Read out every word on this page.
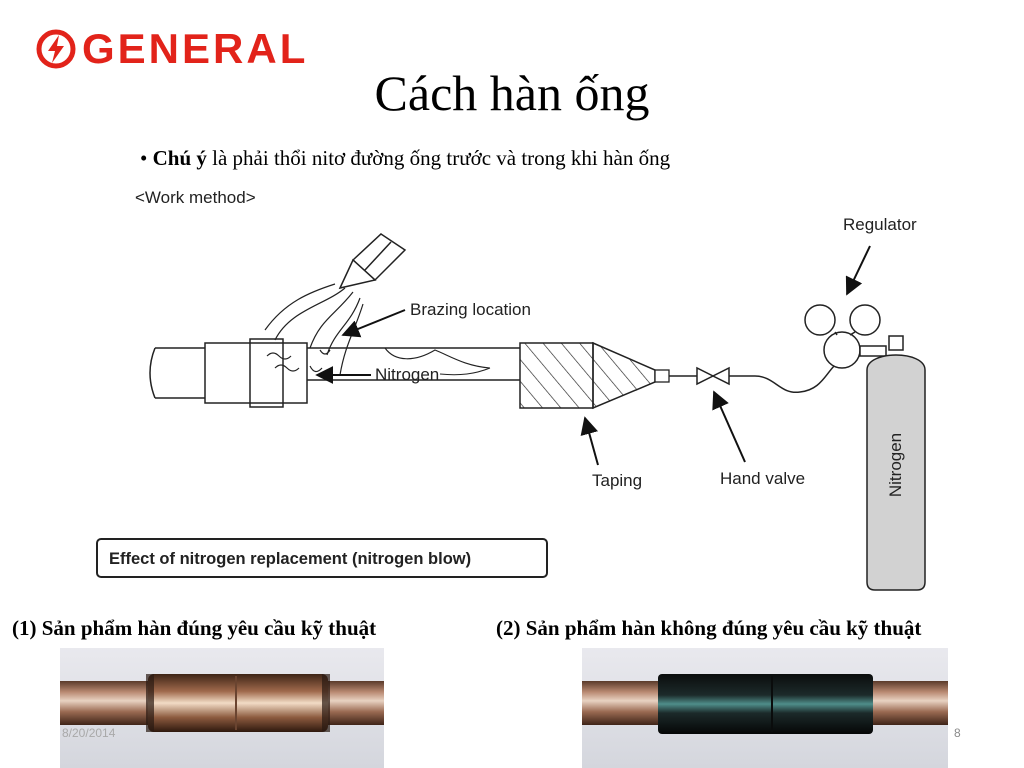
GENERAL
Cách hàn ống
• Chú ý là phải thổi nitơ đường ống trước và trong khi hàn ống
<Work method>
Nitrogen
Regulator
Brazing location
Nitrogen
Taping	Hand valve
Effect of nitrogen replacement (nitrogen blow)
(1) Sản phẩm hàn đúng yêu cầu kỹ thuật	(2) Sản phẩm hàn không đúng yêu cầu kỹ thuật
8/20/2014	8
